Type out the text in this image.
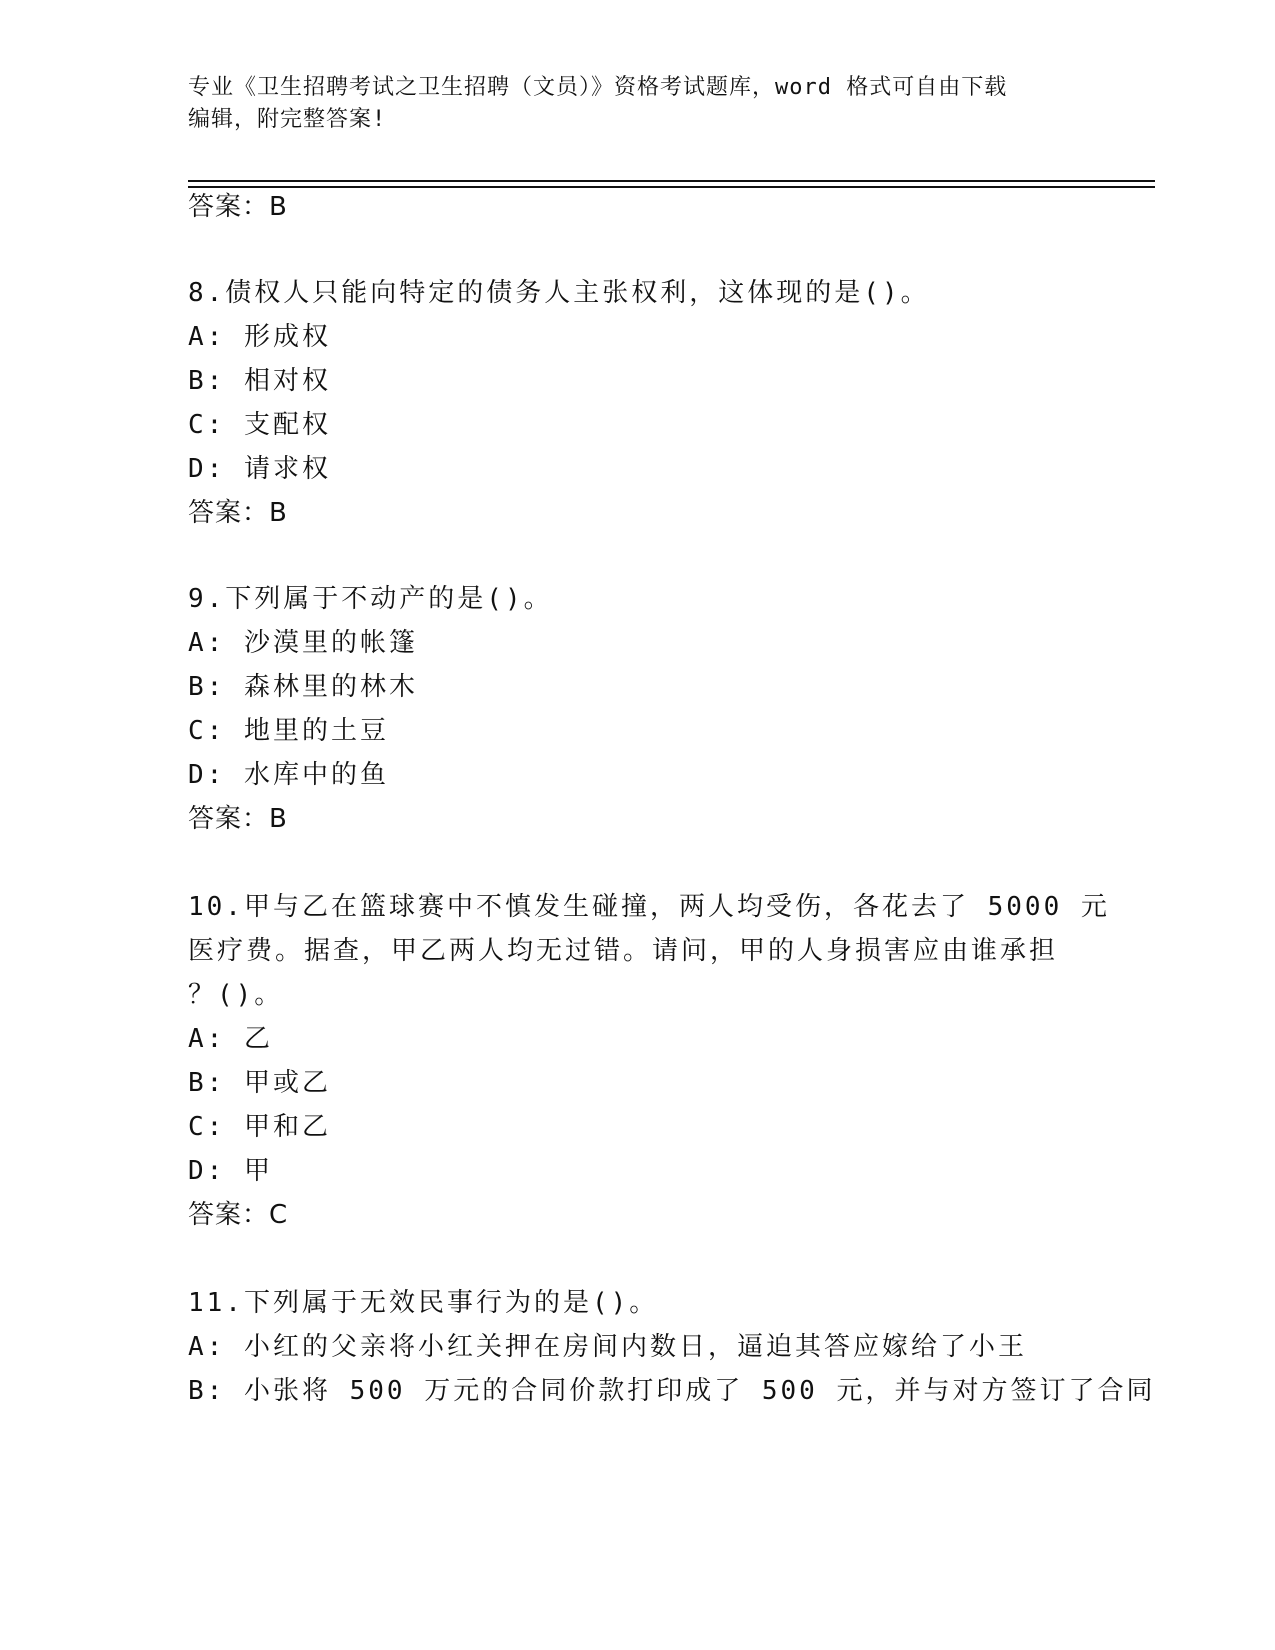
专业《卫生招聘考试之卫生招聘（文员）》资格考试题库，word 格式可自由下载
编辑，附完整答案!
答案：B
8.债权人只能向特定的债务人主张权利，这体现的是()。
A: 形成权
B: 相对权
C: 支配权
D: 请求权
答案：B
9.下列属于不动产的是()。
A: 沙漠里的帐篷
B: 森林里的林木
C: 地里的土豆
D: 水库中的鱼
答案：B
10.甲与乙在篮球赛中不慎发生碰撞，两人均受伤，各花去了 5000 元
医疗费。据查，甲乙两人均无过错。请问，甲的人身损害应由谁承担
？()。
A: 乙
B: 甲或乙
C: 甲和乙
D: 甲
答案：C
11.下列属于无效民事行为的是()。
A: 小红的父亲将小红关押在房间内数日，逼迫其答应嫁给了小王
B: 小张将 500 万元的合同价款打印成了 500 元，并与对方签订了合同
